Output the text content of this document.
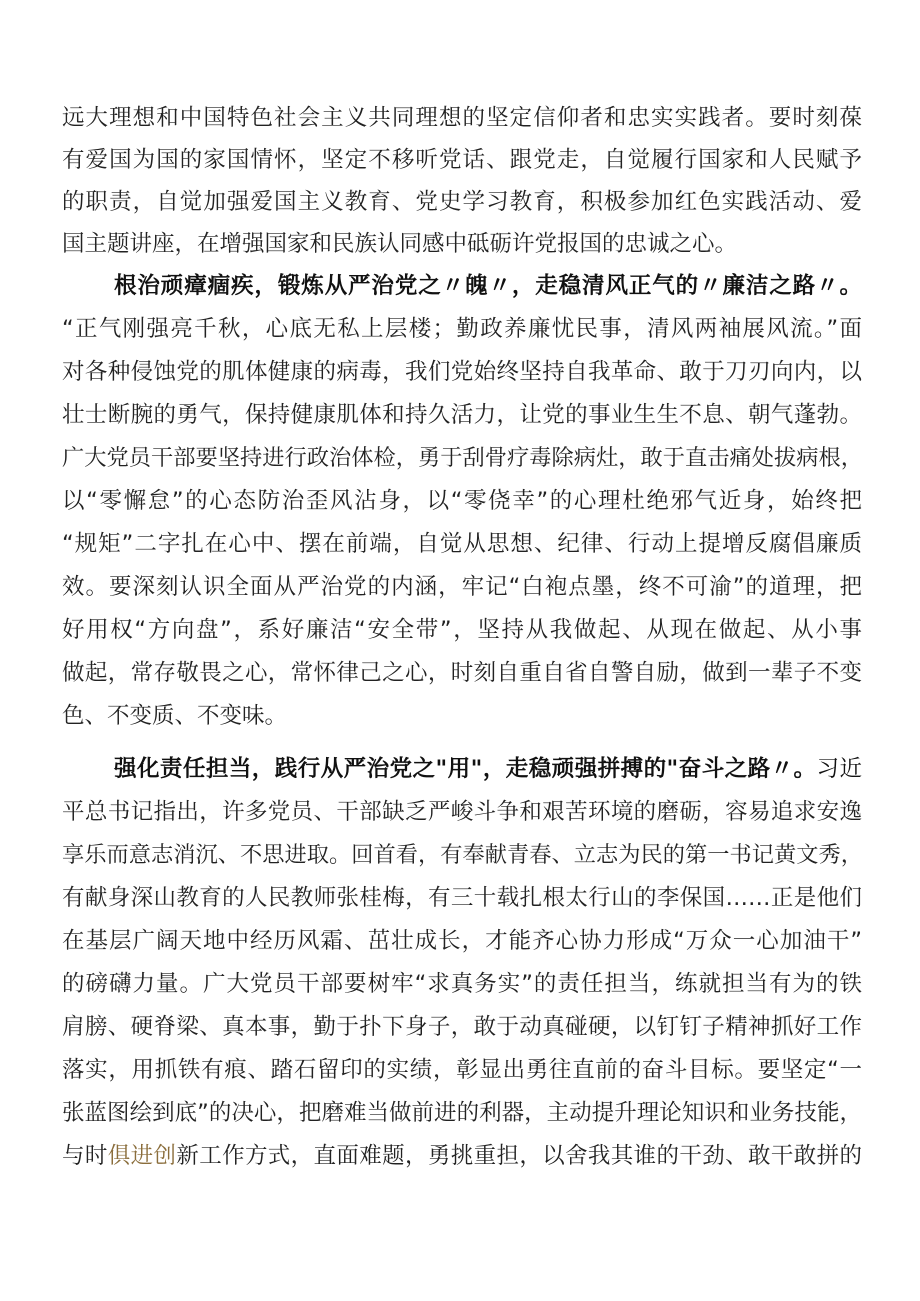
远大理想和中国特色社会主义共同理想的坚定信仰者和忠实实践者。要时刻葆
有爱国为国的家国情怀，坚定不移听党话、跟党走，自觉履行国家和人民赋予
的职责，自觉加强爱国主义教育、党史学习教育，积极参加红色实践活动、爱
国主题讲座，在增强国家和民族认同感中砥砺许党报国的忠诚之心。
根治顽瘴痼疾，锻炼从严治党之〃魄〃，走稳清风正气的〃廉洁之路〃。
“正气刚强亮千秋，心底无私上层楼；勤政养廉忧民事，清风两袖展风流。”面
对各种侵蚀党的肌体健康的病毒，我们党始终坚持自我革命、敢于刀刃向内，以
壮士断腕的勇气，保持健康肌体和持久活力，让党的事业生生不息、朝气蓬勃。
广大党员干部要坚持进行政治体检，勇于刮骨疗毒除病灶，敢于直击痛处拔病根，
以“零懈怠”的心态防治歪风沾身，以“零侥幸”的心理杜绝邪气近身，始终把
“规矩”二字扎在心中、摆在前端，自觉从思想、纪律、行动上提增反腐倡廉质
效。要深刻认识全面从严治党的内涵，牢记“白袍点墨，终不可渝”的道理，把
好用权“方向盘”，系好廉洁“安全带”，坚持从我做起、从现在做起、从小事
做起，常存敬畏之心，常怀律己之心，时刻自重自省自警自励，做到一辈子不变
色、不变质、不变味。
强化责任担当，践行从严治党之"用"，走稳顽强拼搏的"奋斗之路〃。习近
平总书记指出，许多党员、干部缺乏严峻斗争和艰苦环境的磨砺，容易追求安逸
享乐而意志消沉、不思进取。回首看，有奉献青春、立志为民的第一书记黄文秀，
有献身深山教育的人民教师张桂梅，有三十载扎根太行山的李保国……正是他们
在基层广阔天地中经历风霜、茁壮成长，才能齐心协力形成“万众一心加油干”
的磅礴力量。广大党员干部要树牢“求真务实”的责任担当，练就担当有为的铁
肩膀、硬脊梁、真本事，勤于扑下身子，敢于动真碰硬，以钉钉子精神抓好工作
落实，用抓铁有痕、踏石留印的实绩，彰显出勇往直前的奋斗目标。要坚定“一
张蓝图绘到底”的决心，把磨难当做前进的利器，主动提升理论知识和业务技能，
与时俱进创新工作方式，直面难题，勇挑重担，以舍我其谁的干劲、敢干敢拼的
